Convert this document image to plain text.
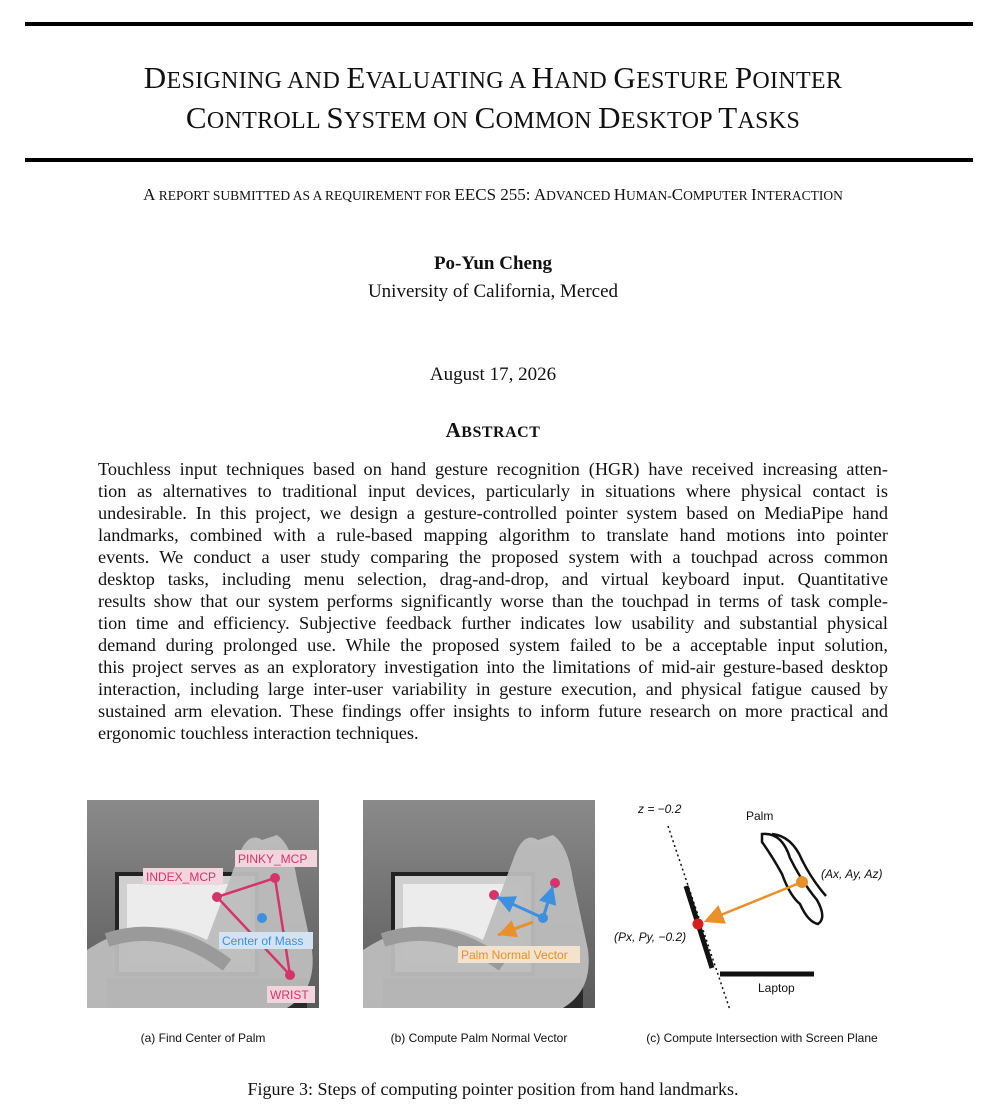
DESIGNING AND EVALUATING A HAND GESTURE POINTER
CONTROLL SYSTEM ON COMMON DESKTOP TASKS
A REPORT SUBMITTED AS A REQUIREMENT FOR EECS 255: ADVANCED HUMAN-COMPUTER INTERACTION
Po-Yun Cheng
University of California, Merced
August 17, 2026
ABSTRACT
Touchless input techniques based on hand gesture recognition (HGR) have received increasing atten-
tion as alternatives to traditional input devices, particularly in situations where physical contact is
undesirable. In this project, we design a gesture-controlled pointer system based on MediaPipe hand
landmarks, combined with a rule-based mapping algorithm to translate hand motions into pointer
events. We conduct a user study comparing the proposed system with a touchpad across common
desktop tasks, including menu selection, drag-and-drop, and virtual keyboard input. Quantitative
results show that our system performs significantly worse than the touchpad in terms of task comple-
tion time and efficiency. Subjective feedback further indicates low usability and substantial physical
demand during prolonged use. While the proposed system failed to be a acceptable input solution,
this project serves as an exploratory investigation into the limitations of mid-air gesture-based desktop
interaction, including large inter-user variability in gesture execution, and physical fatigue caused by
sustained arm elevation. These findings offer insights to inform future research on more practical and
ergonomic touchless interaction techniques.
INDEX_MCP
PINKY_MCP
Center of Mass
WRIST
(a) Find Center of Palm
Palm Normal Vector
(b) Compute Palm Normal Vector
z = −0.2
Laptop
Palm
(Ax, Ay, Az)
(Px, Py, −0.2)
(c) Compute Intersection with Screen Plane
Figure 3: Steps of computing pointer position from hand landmarks.
